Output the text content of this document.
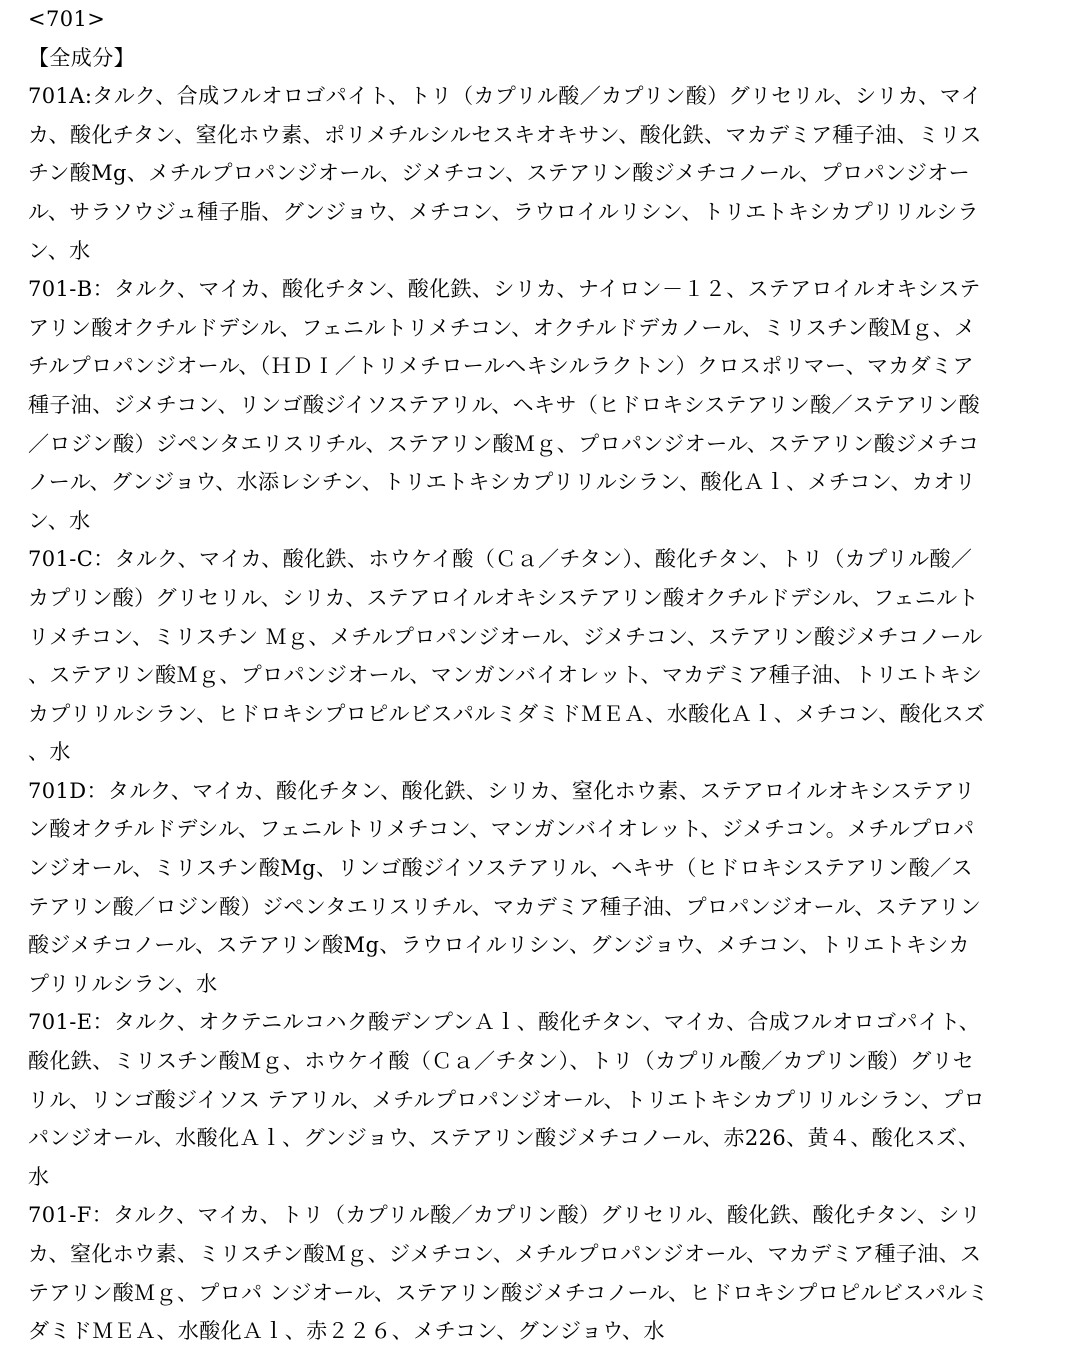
<701>

【全成分】

701A:タルク、合成フルオロゴパイト、トリ（カプリル酸／カプリン酸）グリセリル、シリカ、マイカ、酸化チタン、窒化ホウ素、ポリメチルシルセスキオキサン、酸化鉄、マカデミア種子油、ミリスチン酸Mg、メチルプロパンジオール、ジメチコン、ステアリン酸ジメチコノール、プロパンジオール、サラソウジュ種子脂、グンジョウ、メチコン、ラウロイルリシン、トリエトキシカプリリルシラン、水

701-B：タルク、マイカ、酸化チタン、酸化鉄、シリカ、ナイロン－１２、ステアロイルオキシステアリン酸オクチルドデシル、フェニルトリメチコン、オクチルドデカノール、ミリスチン酸Ｍｇ、メチルプロパンジオール、（ＨＤＩ／トリメチロールヘキシルラクトン）クロスポリマー、マカダミア種子油、ジメチコン、リンゴ酸ジイソステアリル、ヘキサ（ヒドロキシステアリン酸／ステアリン酸／ロジン酸）ジペンタエリスリチル、ステアリン酸Ｍｇ、プロパンジオール、ステアリン酸ジメチコノール、グンジョウ、水添レシチン、トリエトキシカプリリルシラン、酸化Ａｌ、メチコン、カオリン、水

701-C：タルク、マイカ、酸化鉄、ホウケイ酸（Ｃａ／チタン）、酸化チタン、トリ（カプリル酸／カプリン酸）グリセリル、シリカ、ステアロイルオキシステアリン酸オクチルドデシル、フェニルトリメチコン、ミリスチン Ｍｇ、メチルプロパンジオール、ジメチコン、ステアリン酸ジメチコノール、ステアリン酸Ｍｇ、プロパンジオール、マンガンバイオレット、マカデミア種子油、トリエトキシカプリリルシラン、ヒドロキシプロピルビスパルミダミドＭＥＡ、水酸化Ａｌ、メチコン、酸化スズ、水

701D：タルク、マイカ、酸化チタン、酸化鉄、シリカ、窒化ホウ素、ステアロイルオキシステアリン酸オクチルドデシル、フェニルトリメチコン、マンガンバイオレット、ジメチコン。メチルプロパンジオール、ミリスチン酸Mg、リンゴ酸ジイソステアリル、ヘキサ（ヒドロキシステアリン酸／ステアリン酸／ロジン酸）ジペンタエリスリチル、マカデミア種子油、プロパンジオール、ステアリン酸ジメチコノール、ステアリン酸Mg、ラウロイルリシン、グンジョウ、メチコン、トリエトキシカプリリルシラン、水

701-E：タルク、オクテニルコハク酸デンプンＡｌ、酸化チタン、マイカ、合成フルオロゴパイト、酸化鉄、ミリスチン酸Ｍｇ、ホウケイ酸（Ｃａ／チタン）、トリ（カプリル酸／カプリン酸）グリセリル、リンゴ酸ジイソス テアリル、メチルプロパンジオール、トリエトキシカプリリルシラン、プロパンジオール、水酸化Ａｌ、グンジョウ、ステアリン酸ジメチコノール、赤226、黄４、酸化スズ、水

701-F：タルク、マイカ、トリ（カプリル酸／カプリン酸）グリセリル、酸化鉄、酸化チタン、シリカ、窒化ホウ素、ミリスチン酸Ｍｇ、ジメチコン、メチルプロパンジオール、マカデミア種子油、ステアリン酸Ｍｇ、プロパ ンジオール、ステアリン酸ジメチコノール、ヒドロキシプロピルビスパルミダミドＭＥＡ、水酸化Ａｌ、赤２２６、メチコン、グンジョウ、水
